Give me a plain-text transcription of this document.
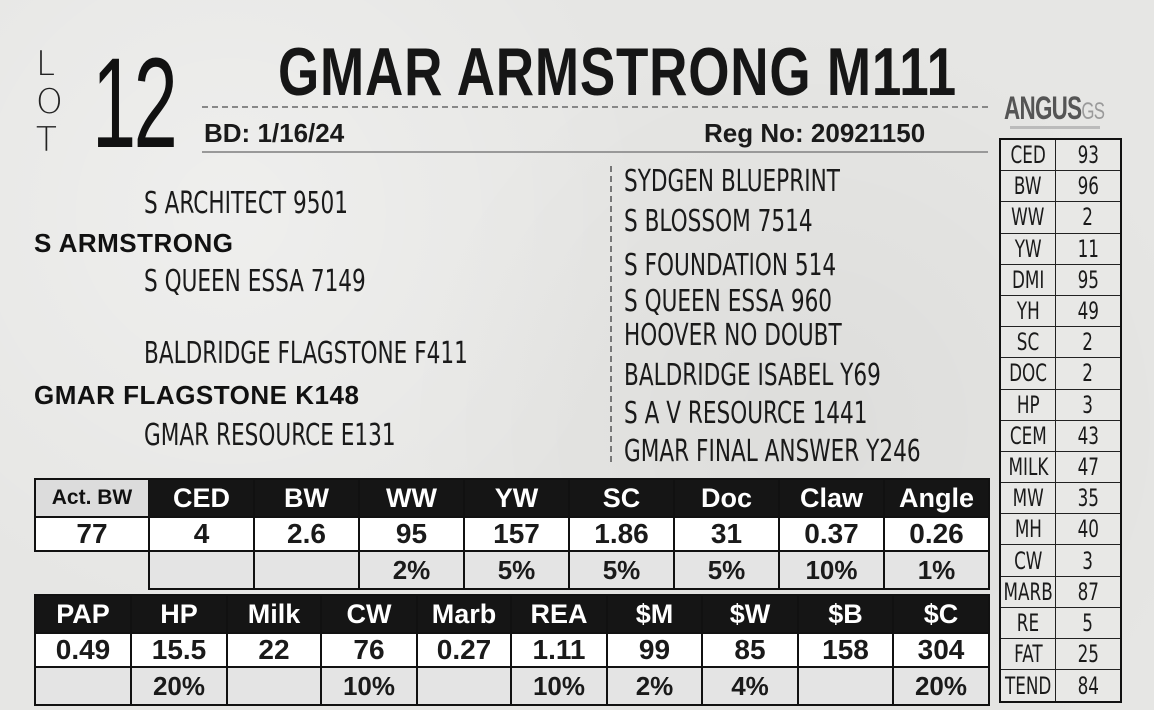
L
O
T 12 GMAR ARMSTRONG M111
BD: 1/16/24	Reg No: 20921150
S ARCHITECT 9501
S ARMSTRONG
S QUEEN ESSA 7149
BALDRIDGE FLAGSTONE F411
GMAR FLAGSTONE K148
GMAR RESOURCE E131
SYDGEN BLUEPRINT
S BLOSSOM 7514
S FOUNDATION 514
S QUEEN ESSA 960
HOOVER NO DOUBT
BALDRIDGE ISABEL Y69
S A V RESOURCE 1441
GMAR FINAL ANSWER Y246
ANGUSGS
CED 93
BW 96
WW 2
YW 11
DMI 95
YH 49
SC 2
DOC 2
HP 3
CEM 43
MILK 47
MW 35
MH 40
CW 3
MARB 87
RE 5
FAT 25
TEND 84
Act. BW	CED	BW	WW	YW	SC	Doc	Claw	Angle
77	4	2.6	95	157	1.86	31	0.37	0.26
			2%	5%	5%	5%	10%	1%
PAP	HP	Milk	CW	Marb	REA	$M	$W	$B	$C
0.49	15.5	22	76	0.27	1.11	99	85	158	304
	20%		10%		10%	2%	4%		20%
